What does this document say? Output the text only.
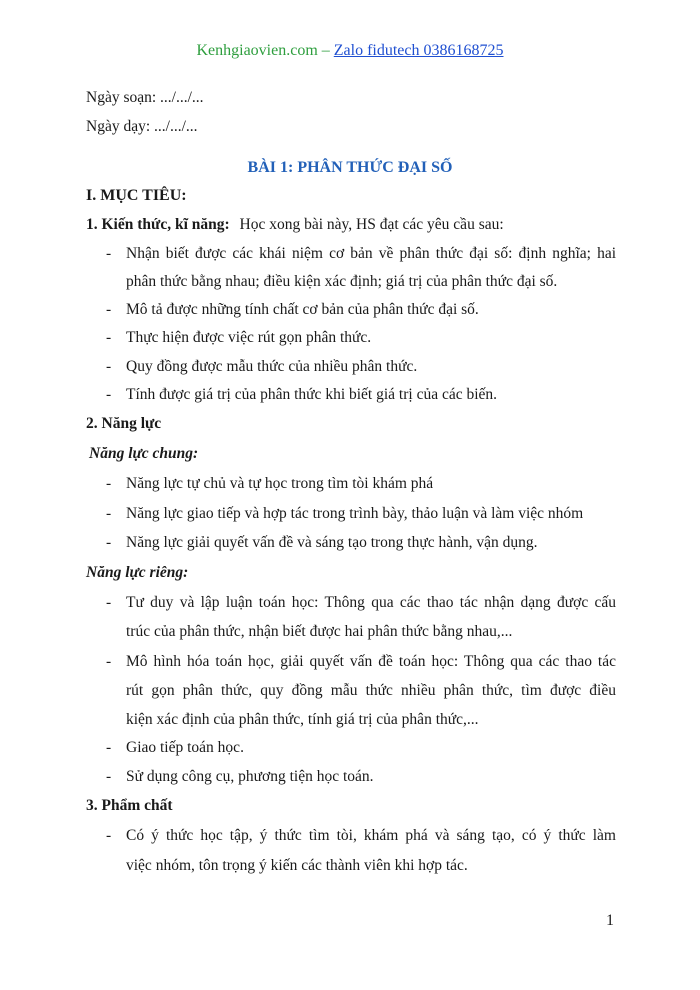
Kenhgiaovien.com – Zalo fidutech 0386168725
Ngày soạn: .../.../...
Ngày dạy: .../.../...
BÀI 1: PHÂN THỨC ĐẠI SỐ
I. MỤC TIÊU:
1. Kiến thức, kĩ năng: Học xong bài này, HS đạt các yêu cầu sau:
- Nhận biết được các khái niệm cơ bản về phân thức đại số: định nghĩa; hai
phân thức bằng nhau; điều kiện xác định; giá trị của phân thức đại số.
- Mô tả được những tính chất cơ bản của phân thức đại số.
- Thực hiện được việc rút gọn phân thức.
- Quy đồng được mẫu thức của nhiều phân thức.
- Tính được giá trị của phân thức khi biết giá trị của các biến.
2. Năng lực
Năng lực chung:
- Năng lực tự chủ và tự học trong tìm tòi khám phá
- Năng lực giao tiếp và hợp tác trong trình bày, thảo luận và làm việc nhóm
- Năng lực giải quyết vấn đề và sáng tạo trong thực hành, vận dụng.
Năng lực riêng:
- Tư duy và lập luận toán học: Thông qua các thao tác nhận dạng được cấu
trúc của phân thức, nhận biết được hai phân thức bằng nhau,...
- Mô hình hóa toán học, giải quyết vấn đề toán học: Thông qua các thao tác
rút gọn phân thức, quy đồng mẫu thức nhiều phân thức, tìm được điều
kiện xác định của phân thức, tính giá trị của phân thức,...
- Giao tiếp toán học.
- Sử dụng công cụ, phương tiện học toán.
3. Phẩm chất
- Có ý thức học tập, ý thức tìm tòi, khám phá và sáng tạo, có ý thức làm
việc nhóm, tôn trọng ý kiến các thành viên khi hợp tác.
1
